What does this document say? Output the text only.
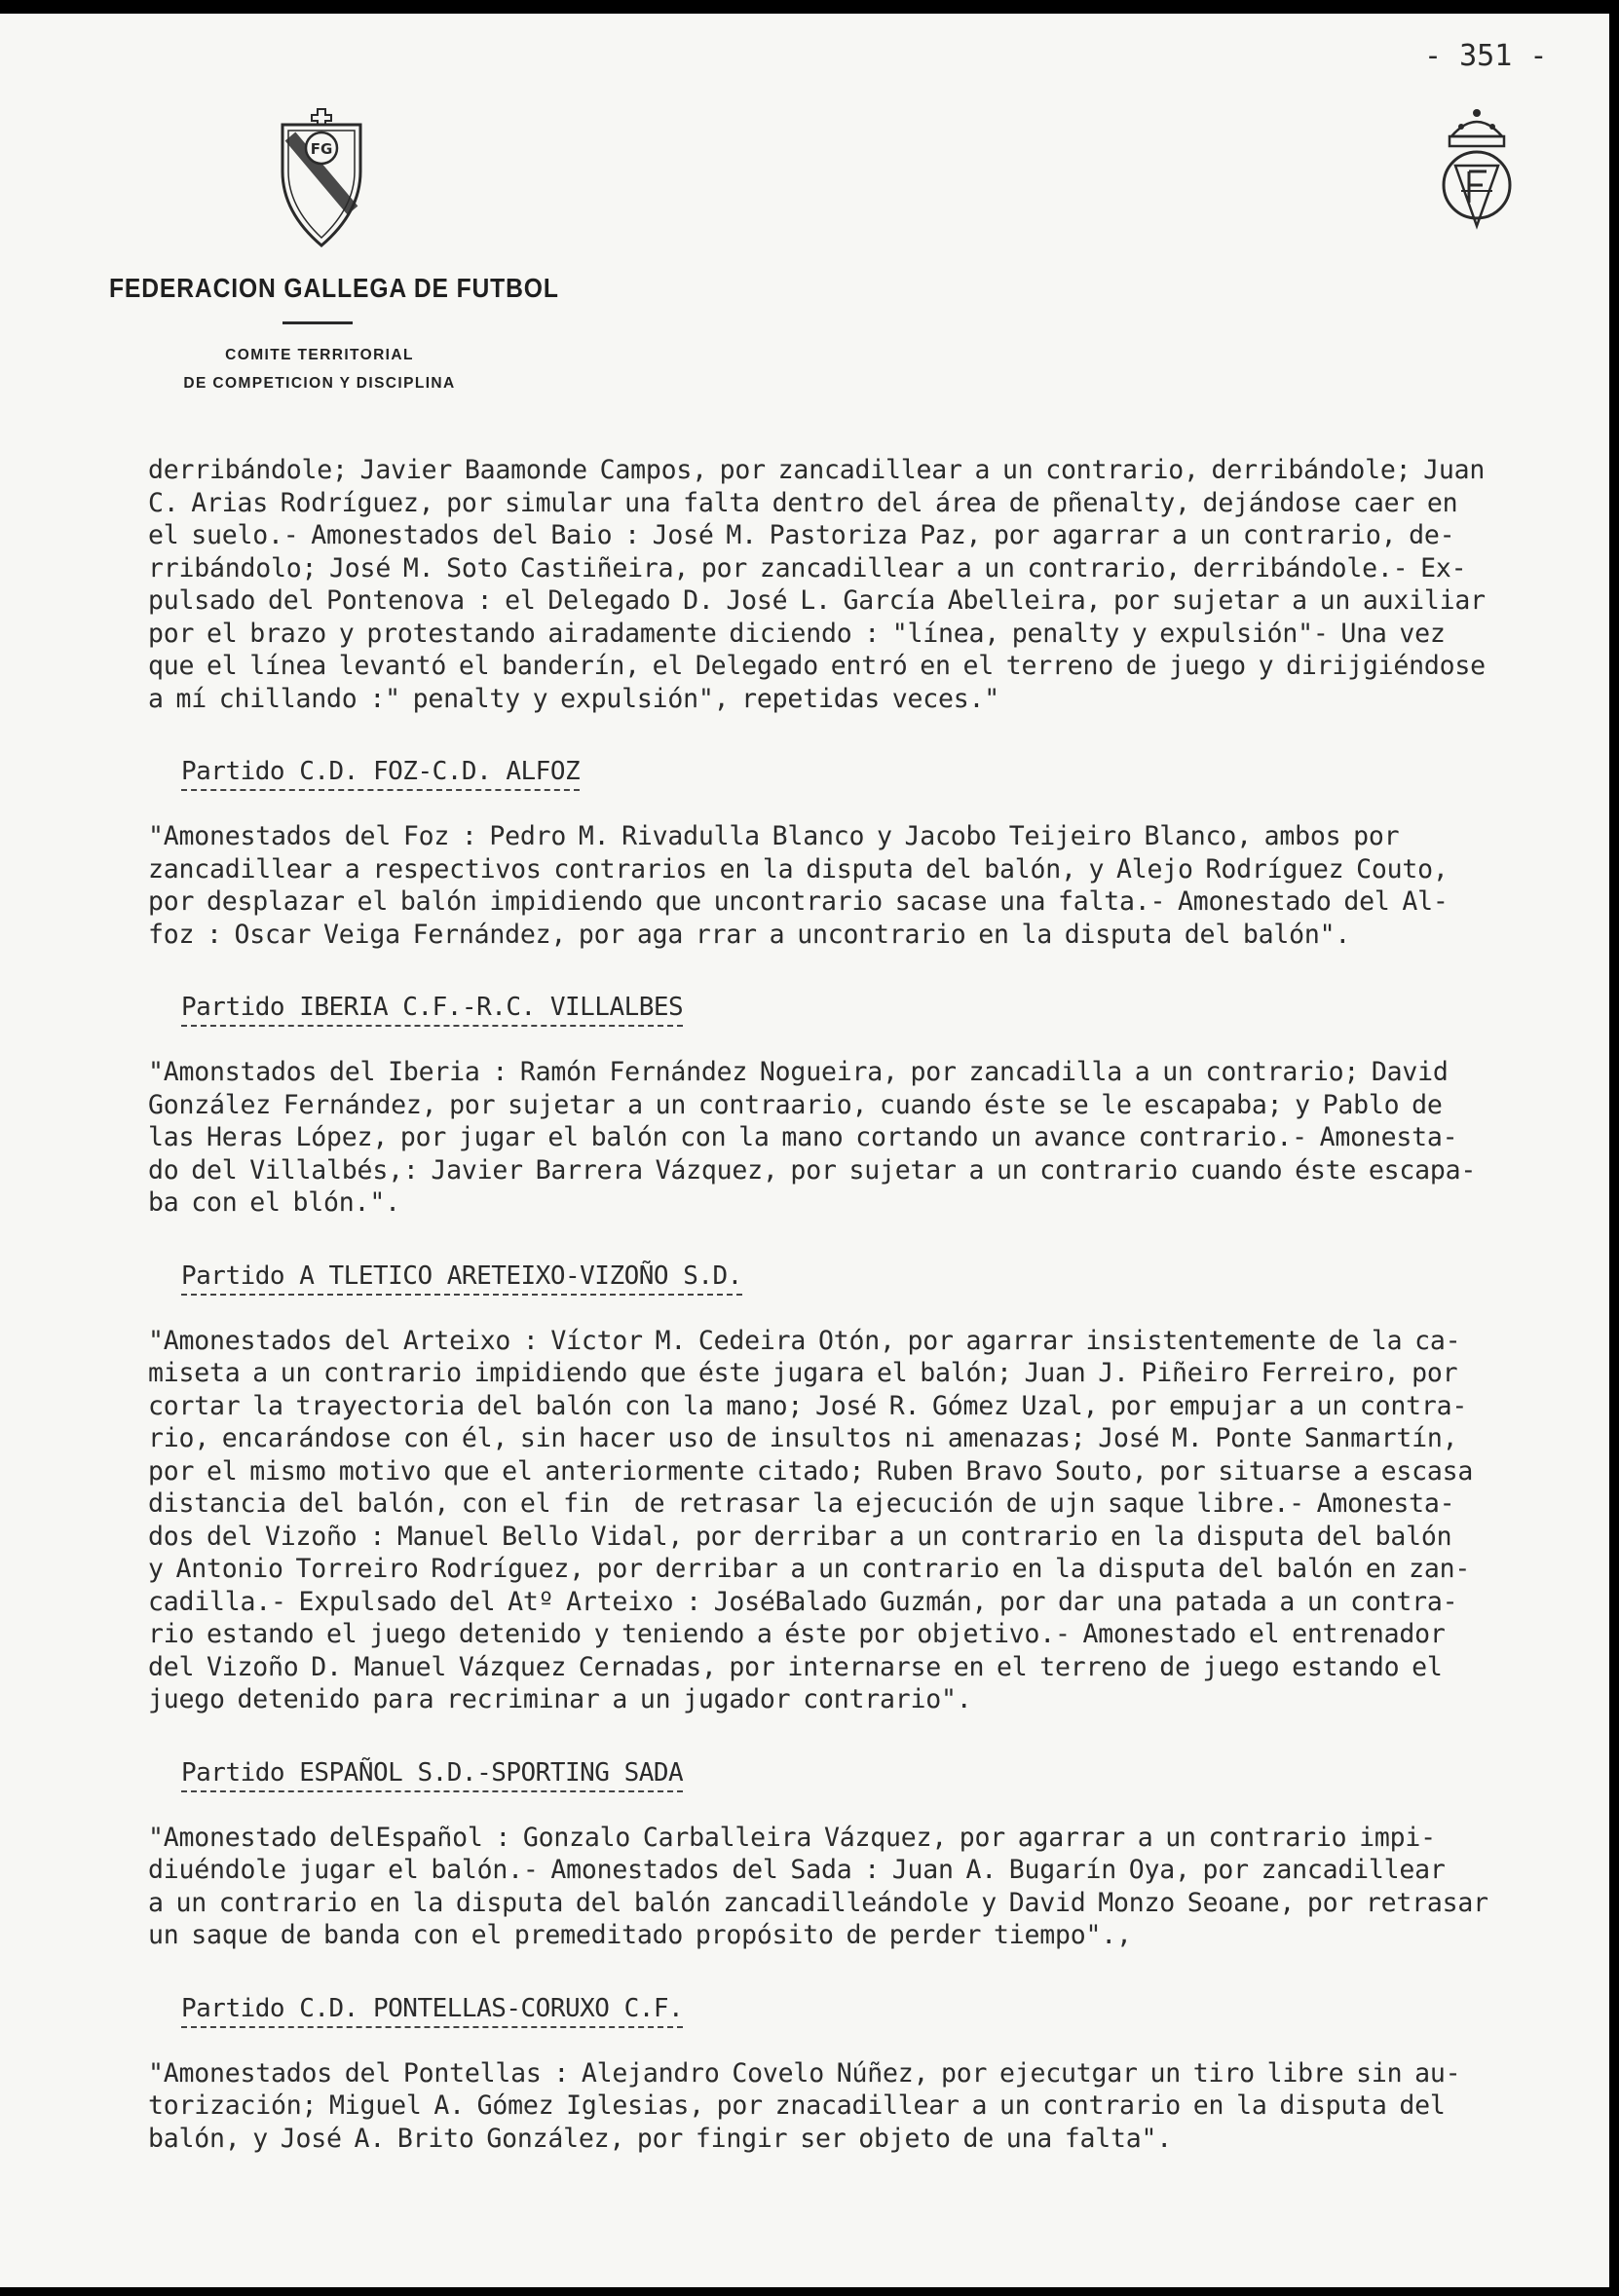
- 351 -
FG
FEDERACION GALLEGA DE FUTBOL
COMITE TERRITORIAL
DE COMPETICION Y DISCIPLINA

derribándole; Javier Baamonde Campos, por zancadillear a un contrario, derribándole; Juan
C. Arias Rodríguez, por simular una falta dentro del área de pñenalty, dejándose caer en
el suelo.- Amonestados del Baio : José M. Pastoriza Paz, por agarrar a un contrario, de-
rribándolo; José M. Soto Castiñeira, por zancadillear a un contrario, derribándole.- Ex-
pulsado del Pontenova : el Delegado D. José L. García Abelleira, por sujetar a un auxiliar
por el brazo y protestando airadamente diciendo : "línea, penalty y expulsión"- Una vez
que el línea levantó el banderín, el Delegado entró en el terreno de juego y dirijgiéndose
a mí chillando :" penalty y expulsión", repetidas veces."

Partido C.D. FOZ-C.D. ALFOZ

"Amonestados del Foz : Pedro M. Rivadulla Blanco y Jacobo Teijeiro Blanco, ambos por
zancadillear a respectivos contrarios en la disputa del balón, y Alejo Rodríguez Couto,
por desplazar el balón impidiendo que uncontrario sacase una falta.- Amonestado del Al-
foz : Oscar Veiga Fernández, por aga rrar a uncontrario en la disputa del balón".

Partido IBERIA C.F.-R.C. VILLALBES

"Amonstados del Iberia : Ramón Fernández Nogueira, por zancadilla a un contrario; David
González Fernández, por sujetar a un contraario, cuando éste se le escapaba; y Pablo de
las Heras López, por jugar el balón con la mano cortando un avance contrario.- Amonesta-
do del Villalbés,: Javier Barrera Vázquez, por sujetar a un contrario cuando éste escapa-
ba con el blón.".

Partido A TLETICO ARETEIXO-VIZOÑO S.D.

"Amonestados del Arteixo : Víctor M. Cedeira Otón, por agarrar insistentemente de la ca-
miseta a un contrario impidiendo que éste jugara el balón; Juan J. Piñeiro Ferreiro, por
cortar la trayectoria del balón con la mano; José R. Gómez Uzal, por empujar a un contra-
rio, encarándose con él, sin hacer uso de insultos ni amenazas; José M. Ponte Sanmartín,
por el mismo motivo que el anteriormente citado; Ruben Bravo Souto, por situarse a escasa
distancia del balón, con el fin  de retrasar la ejecución de ujn saque libre.- Amonesta-
dos del Vizoño : Manuel Bello Vidal, por derribar a un contrario en la disputa del balón
y Antonio Torreiro Rodríguez, por derribar a un contrario en la disputa del balón en zan-
cadilla.- Expulsado del Atº Arteixo : JoséBalado Guzmán, por dar una patada a un contra-
rio estando el juego detenido y teniendo a éste por objetivo.- Amonestado el entrenador
del Vizoño D. Manuel Vázquez Cernadas, por internarse en el terreno de juego estando el
juego detenido para recriminar a un jugador contrario".

Partido ESPAÑOL S.D.-SPORTING SADA

"Amonestado delEspañol : Gonzalo Carballeira Vázquez, por agarrar a un contrario impi-
diuéndole jugar el balón.- Amonestados del Sada : Juan A. Bugarín Oya, por zancadillear
a un contrario en la disputa del balón zancadilleándole y David Monzo Seoane, por retrasar
un saque de banda con el premeditado propósito de perder tiempo".,

Partido C.D. PONTELLAS-CORUXO C.F.

"Amonestados del Pontellas : Alejandro Covelo Núñez, por ejecutgar un tiro libre sin au-
torización; Miguel A. Gómez Iglesias, por znacadillear a un contrario en la disputa del
balón, y José A. Brito González, por fingir ser objeto de una falta".
